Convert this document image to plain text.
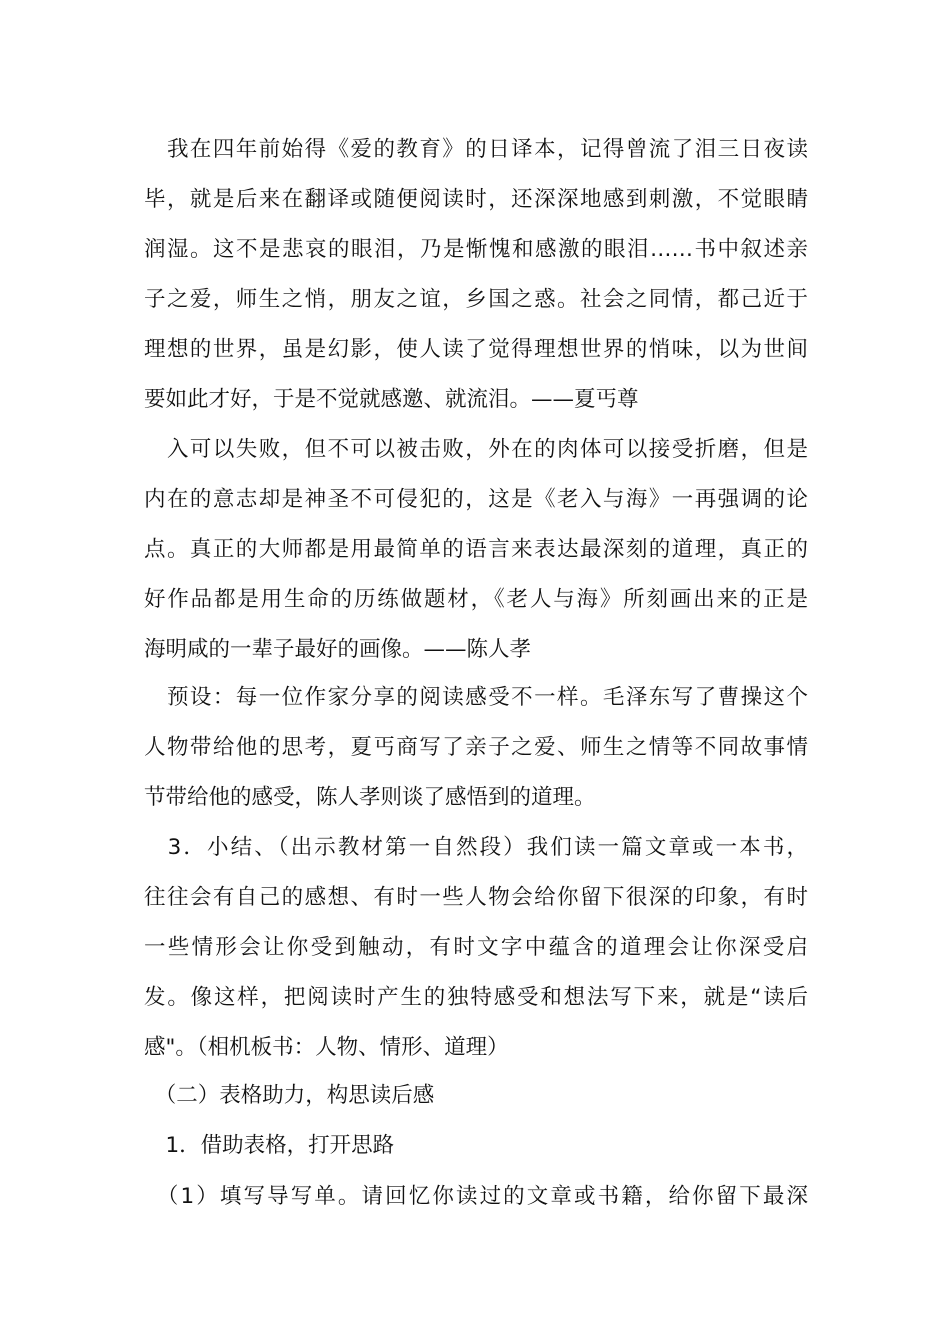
　我在四年前始得《爱的教育》的日译本，记得曾流了泪三日夜读
毕，就是后来在翻译或随便阅读时，还深深地感到刺激，不觉眼睛
润湿。这不是悲哀的眼泪，乃是惭愧和感激的眼泪……书中叙述亲
子之爱，师生之悄，朋友之谊，乡国之惑。社会之同情，都己近于
理想的世界，虽是幻影，使人读了觉得理想世界的悄味，以为世间
要如此才好，于是不觉就感邀、就流泪。——夏丐尊
　入可以失败，但不可以被击败，外在的肉体可以接受折磨，但是
内在的意志却是神圣不可侵犯的，这是《老入与海》一再强调的论
点。真正的大师都是用最简单的语言来表达最深刻的道理，真正的
好作品都是用生命的历练做题材，《老人与海》所刻画出来的正是
海明咸的一辈子最好的画像。——陈人孝
　预设：每一位作家分享的阅读感受不一样。毛泽东写了曹操这个
人物带给他的思考，夏丐商写了亲子之爱、师生之情等不同故事情
节带给他的感受，陈人孝则谈了感悟到的道理。
　3．小结、（出示教材第一自然段）我们读一篇文章或一本书，
往往会有自己的感想、有时一些人物会给你留下很深的印象，有时
一些情形会让你受到触动，有时文字中蕴含的道理会让你深受启
发。像这样，把阅读时产生的独特感受和想法写下来，就是“读后
感"。（相机板书：人物、情形、道理）
　（二）表格助力，构思读后感
　1．借助表格，打开思路
　（1）填写导写单。请回忆你读过的文章或书籍，给你留下最深
